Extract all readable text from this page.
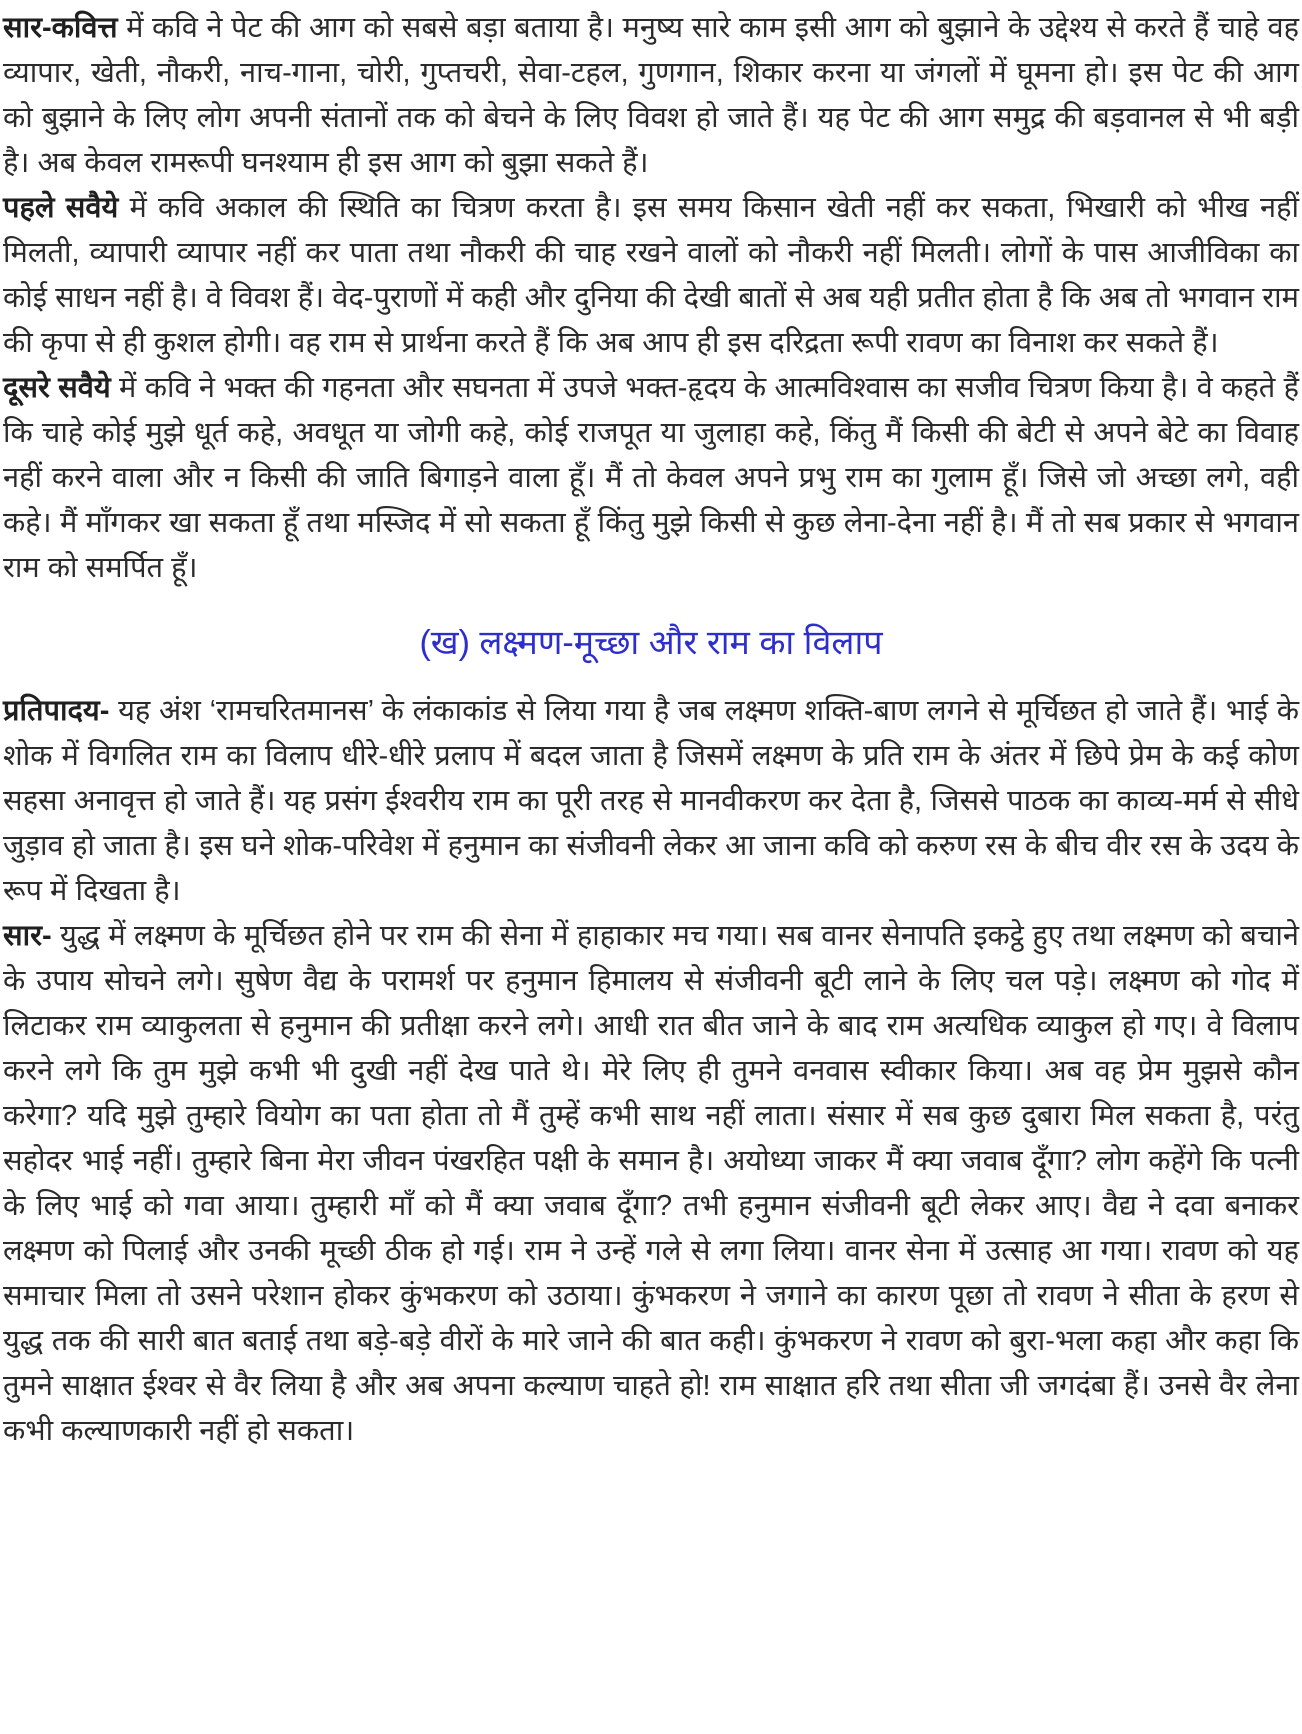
सार-कवित्त में कवि ने पेट की आग को सबसे बड़ा बताया है। मनुष्य सारे काम इसी आग को बुझाने के उद्देश्य से करते हैं चाहे वह व्यापार, खेती, नौकरी, नाच-गाना, चोरी, गुप्तचरी, सेवा-टहल, गुणगान, शिकार करना या जंगलों में घूमना हो। इस पेट की आग को बुझाने के लिए लोग अपनी संतानों तक को बेचने के लिए विवश हो जाते हैं। यह पेट की आग समुद्र की बड़वानल से भी बड़ी है। अब केवल रामरूपी घनश्याम ही इस आग को बुझा सकते हैं।

पहले सवैये में कवि अकाल की स्थिति का चित्रण करता है। इस समय किसान खेती नहीं कर सकता, भिखारी को भीख नहीं मिलती, व्यापारी व्यापार नहीं कर पाता तथा नौकरी की चाह रखने वालों को नौकरी नहीं मिलती। लोगों के पास आजीविका का कोई साधन नहीं है। वे विवश हैं। वेद-पुराणों में कही और दुनिया की देखी बातों से अब यही प्रतीत होता है कि अब तो भगवान राम की कृपा से ही कुशल होगी। वह राम से प्रार्थना करते हैं कि अब आप ही इस दरिद्रता रूपी रावण का विनाश कर सकते हैं।

दूसरे सवैये में कवि ने भक्त की गहनता और सघनता में उपजे भक्त-हृदय के आत्मविश्वास का सजीव चित्रण किया है। वे कहते हैं कि चाहे कोई मुझे धूर्त कहे, अवधूत या जोगी कहे, कोई राजपूत या जुलाहा कहे, किंतु मैं किसी की बेटी से अपने बेटे का विवाह नहीं करने वाला और न किसी की जाति बिगाड़ने वाला हूँ। मैं तो केवल अपने प्रभु राम का गुलाम हूँ। जिसे जो अच्छा लगे, वही कहे। मैं माँगकर खा सकता हूँ तथा मस्जिद में सो सकता हूँ किंतु मुझे किसी से कुछ लेना-देना नहीं है। मैं तो सब प्रकार से भगवान राम को समर्पित हूँ।

(ख) लक्ष्मण-मूच्छा और राम का विलाप

प्रतिपादय- यह अंश ‘रामचरितमानस’ के लंकाकांड से लिया गया है जब लक्ष्मण शक्ति-बाण लगने से मूर्चिछत हो जाते हैं। भाई के शोक में विगलित राम का विलाप धीरे-धीरे प्रलाप में बदल जाता है जिसमें लक्ष्मण के प्रति राम के अंतर में छिपे प्रेम के कई कोण सहसा अनावृत्त हो जाते हैं। यह प्रसंग ईश्वरीय राम का पूरी तरह से मानवीकरण कर देता है, जिससे पाठक का काव्य-मर्म से सीधे जुड़ाव हो जाता है। इस घने शोक-परिवेश में हनुमान का संजीवनी लेकर आ जाना कवि को करुण रस के बीच वीर रस के उदय के रूप में दिखता है।

सार- युद्ध में लक्ष्मण के मूर्चिछत होने पर राम की सेना में हाहाकार मच गया। सब वानर सेनापति इकट्ठे हुए तथा लक्ष्मण को बचाने के उपाय सोचने लगे। सुषेण वैद्य के परामर्श पर हनुमान हिमालय से संजीवनी बूटी लाने के लिए चल पड़े। लक्ष्मण को गोद में लिटाकर राम व्याकुलता से हनुमान की प्रतीक्षा करने लगे। आधी रात बीत जाने के बाद राम अत्यधिक व्याकुल हो गए। वे विलाप करने लगे कि तुम मुझे कभी भी दुखी नहीं देख पाते थे। मेरे लिए ही तुमने वनवास स्वीकार किया। अब वह प्रेम मुझसे कौन करेगा? यदि मुझे तुम्हारे वियोग का पता होता तो मैं तुम्हें कभी साथ नहीं लाता। संसार में सब कुछ दुबारा मिल सकता है, परंतु सहोदर भाई नहीं। तुम्हारे बिना मेरा जीवन पंखरहित पक्षी के समान है। अयोध्या जाकर मैं क्या जवाब दूँगा? लोग कहेंगे कि पत्नी के लिए भाई को गवा आया। तुम्हारी माँ को मैं क्या जवाब दूँगा? तभी हनुमान संजीवनी बूटी लेकर आए। वैद्य ने दवा बनाकर लक्ष्मण को पिलाई और उनकी मूच्छी ठीक हो गई। राम ने उन्हें गले से लगा लिया। वानर सेना में उत्साह आ गया। रावण को यह समाचार मिला तो उसने परेशान होकर कुंभकरण को उठाया। कुंभकरण ने जगाने का कारण पूछा तो रावण ने सीता के हरण से युद्ध तक की सारी बात बताई तथा बड़े-बड़े वीरों के मारे जाने की बात कही। कुंभकरण ने रावण को बुरा-भला कहा और कहा कि तुमने साक्षात ईश्वर से वैर लिया है और अब अपना कल्याण चाहते हो! राम साक्षात हरि तथा सीता जी जगदंबा हैं। उनसे वैर लेना कभी कल्याणकारी नहीं हो सकता।
